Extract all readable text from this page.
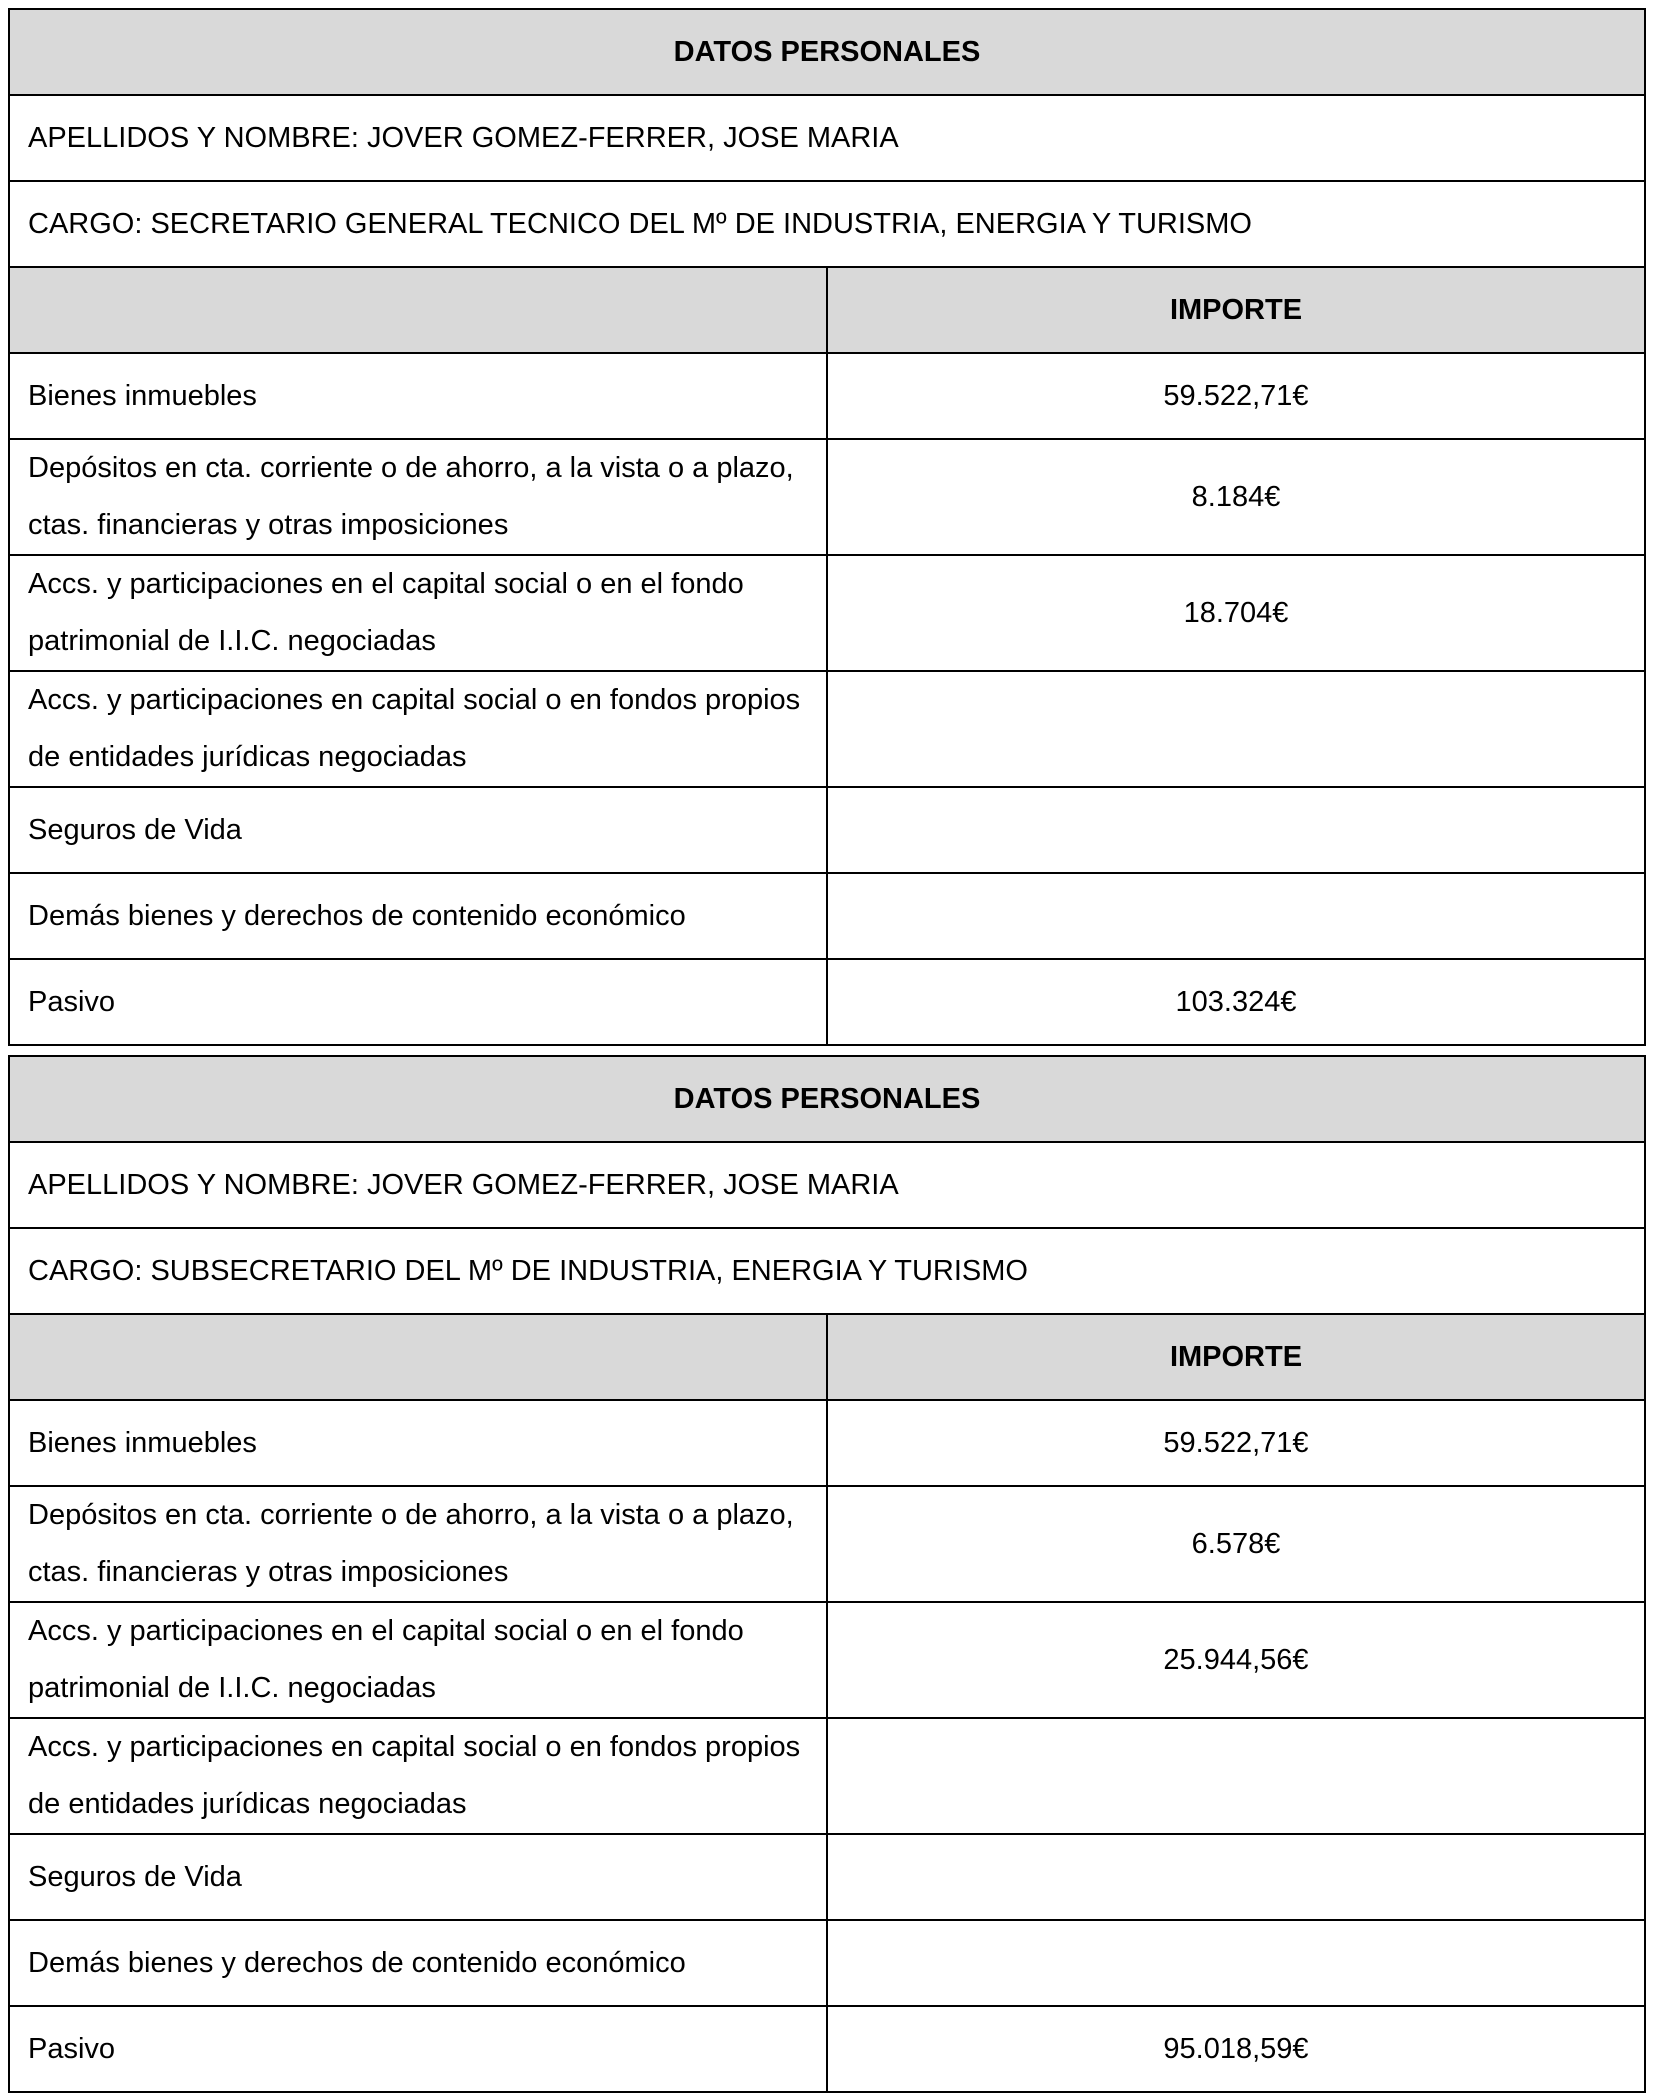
DATOS PERSONALES	
APELLIDOS Y NOMBRE: JOVER GOMEZ-FERRER, JOSE MARIA	
CARGO: SECRETARIO GENERAL TECNICO DEL Mº DE INDUSTRIA, ENERGIA Y TURISMO	
	IMPORTE
Bienes inmuebles	59.522,71€
Depósitos en cta. corriente o de ahorro, a la vista o a plazo, ctas. financieras y otras imposiciones	8.184€
Accs. y participaciones en el capital social o en el fondo patrimonial de I.I.C. negociadas	18.704€
Accs. y participaciones en capital social o en fondos propios de entidades jurídicas negociadas	
Seguros de Vida	
Demás bienes y derechos de contenido económico	
Pasivo	103.324€
DATOS PERSONALES	
APELLIDOS Y NOMBRE: JOVER GOMEZ-FERRER, JOSE MARIA	
CARGO: SUBSECRETARIO DEL Mº DE INDUSTRIA, ENERGIA Y TURISMO	
	IMPORTE
Bienes inmuebles	59.522,71€
Depósitos en cta. corriente o de ahorro, a la vista o a plazo, ctas. financieras y otras imposiciones	6.578€
Accs. y participaciones en el capital social o en el fondo patrimonial de I.I.C. negociadas	25.944,56€
Accs. y participaciones en capital social o en fondos propios de entidades jurídicas negociadas	
Seguros de Vida	
Demás bienes y derechos de contenido económico	
Pasivo	95.018,59€
